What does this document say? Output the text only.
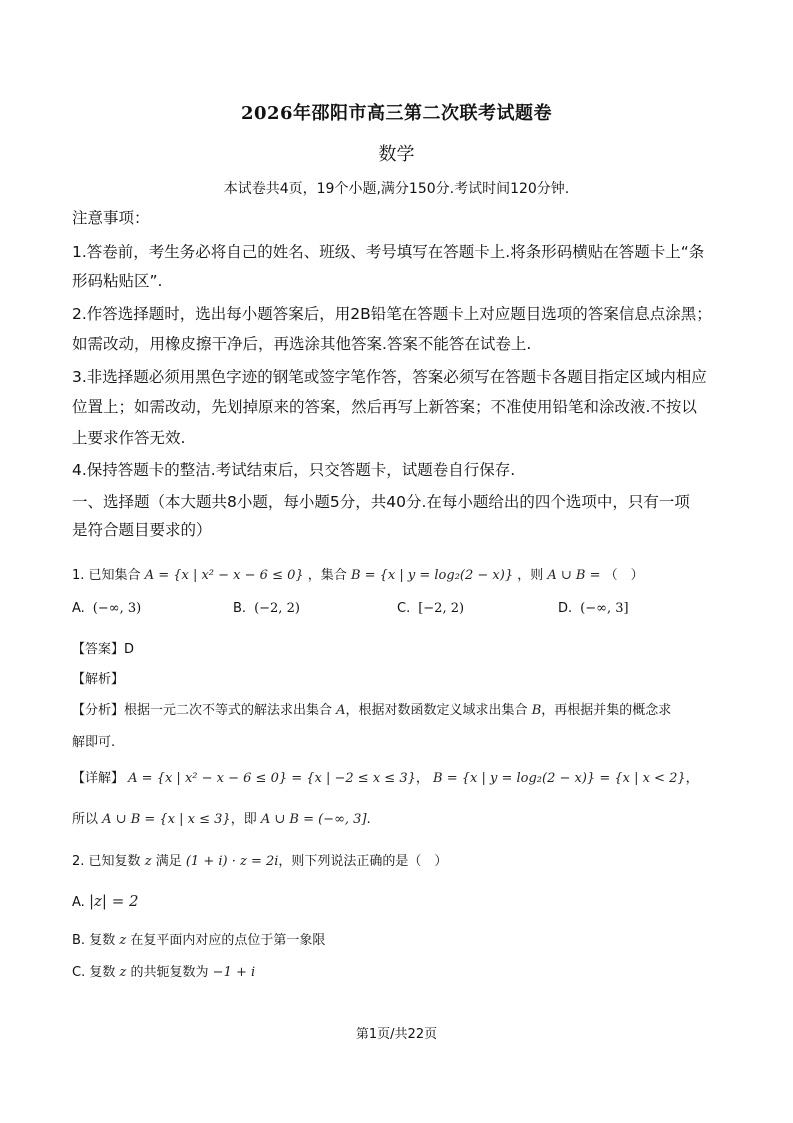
2026年邵阳市高三第二次联考试题卷
数学
本试卷共4页，19个小题,满分150分.考试时间120分钟.
注意事项：
1.答卷前，考生务必将自己的姓名、班级、考号填写在答题卡上.将条形码横贴在答题卡上“条
形码粘贴区”.
2.作答选择题时，选出每小题答案后，用2B铅笔在答题卡上对应题目选项的答案信息点涂黑；
如需改动，用橡皮擦干净后，再选涂其他答案.答案不能答在试卷上.
3.非选择题必须用黑色字迹的钢笔或签字笔作答，答案必须写在答题卡各题目指定区域内相应
位置上；如需改动，先划掉原来的答案，然后再写上新答案；不准使用铅笔和涂改液.不按以
上要求作答无效.
4.保持答题卡的整洁.考试结束后，只交答题卡，试题卷自行保存.
一、选择题（本大题共8小题，每小题5分，共40分.在每小题给出的四个选项中，只有一项
是符合题目要求的）
1. 已知集合 A = {x | x² − x − 6 ≤ 0} ，集合 B = {x | y = log₂(2 − x)} ，则 A ∪ B = （　）
A. (−∞, 3)	B. (−2, 2)	C. [−2, 2)	D. (−∞, 3]
【答案】D
【解析】
【分析】根据一元二次不等式的解法求出集合 A，根据对数函数定义域求出集合 B，再根据并集的概念求
解即可.
【详解】 A = {x | x² − x − 6 ≤ 0} = {x | −2 ≤ x ≤ 3}， B = {x | y = log₂(2 − x)} = {x | x < 2}，
所以 A ∪ B = {x | x ≤ 3}，即 A ∪ B = (−∞, 3].
2. 已知复数 z 满足 (1 + i) · z = 2i，则下列说法正确的是（　）
A. |z| = 2
B. 复数 z 在复平面内对应的点位于第一象限
C. 复数 z 的共轭复数为 −1 + i
第1页/共22页
